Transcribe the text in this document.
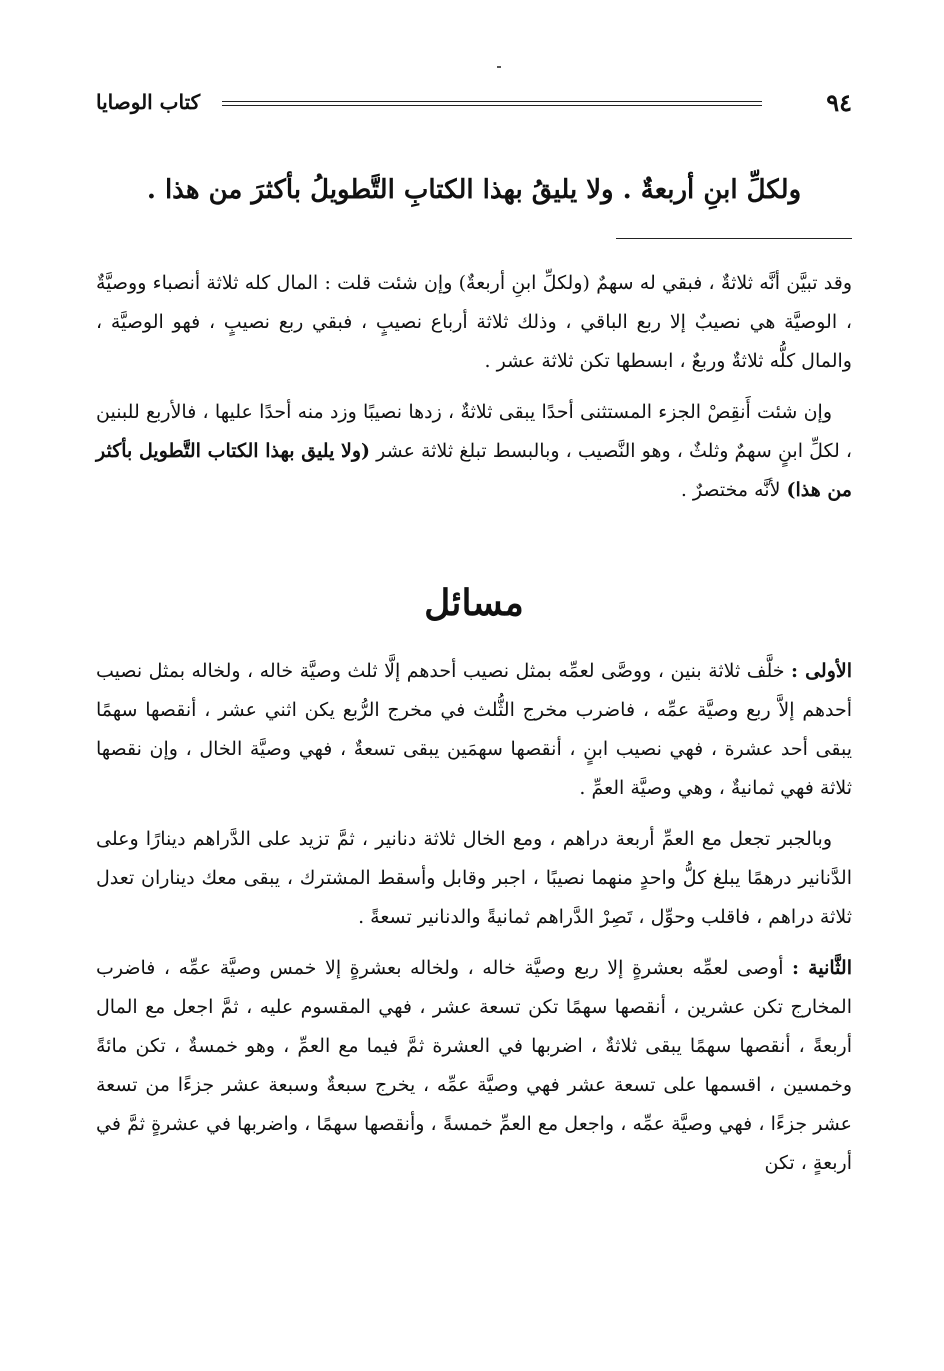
٩٤
كتاب الوصايا
ولكلِّ ابنِ أربعةٌ . ولا يليقُ بهذا الكتابِ التَّطويلُ بأكثرَ من هذا .

وقد تبيَّن أنَّه ثلاثةٌ ، فبقي له سهمٌ (ولكلِّ ابنِ أربعةٌ) وإن شئت قلت : المال كله ثلاثة أنصباء ووصيَّةٌ ، الوصيَّة هي نصيبٌ إلا ربع الباقي ، وذلك ثلاثة أرباع نصيبٍ ، فبقي ربع نصيبٍ ، فهو الوصيَّة ، والمال كلُّه ثلاثةٌ وربعٌ ، ابسطها تكن ثلاثة عشر .

وإن شئت أَنقِصْ الجزء المستثنى أحدًا يبقى ثلاثةٌ ، زدها نصيبًا وزد منه أحدًا عليها ، فالأربع للبنين ، لكلِّ ابنٍ سهمٌ وثلثٌ ، وهو النَّصيب ، وبالبسط تبلغ ثلاثة عشر (ولا يليق بهذا الكتاب التَّطويل بأكثر من هذا) لأنَّه مختصرٌ .

مسائل

الأولى : خلَّف ثلاثة بنين ، ووصَّى لعمِّه بمثل نصيب أحدهم إلَّا ثلث وصيَّة خاله ، ولخاله بمثل نصيب أحدهم إلاَّ ربع وصيَّة عمِّه ، فاضرب مخرج الثُّلث في مخرج الرُّبع يكن اثني عشر ، أنقصها سهمًا يبقى أحد عشرة ، فهي نصيب ابنٍ ، أنقصها سهمَين يبقى تسعةٌ ، فهي وصيَّة الخال ، وإن نقصها ثلاثة فهي ثمانيةٌ ، وهي وصيَّة العمِّ .

وبالجبر تجعل مع العمِّ أربعة دراهم ، ومع الخال ثلاثة دنانير ، ثمَّ تزيد على الدَّراهم دينارًا وعلى الدَّنانير درهمًا يبلغ كلُّ واحدٍ منهما نصيبًا ، اجبر وقابل وأسقط المشترك ، يبقى معك ديناران تعدل ثلاثة دراهم ، فاقلب وحوِّل ، تَصِرْ الدَّراهم ثمانيةً والدنانير تسعةً .

الثَّانية : أوصى لعمِّه بعشرةٍ إلا ربع وصيَّة خاله ، ولخاله بعشرةٍ إلا خمس وصيَّة عمِّه ، فاضرب المخارج تكن عشرين ، أنقصها سهمًا تكن تسعة عشر ، فهي المقسوم عليه ، ثمَّ اجعل مع المال أربعةً ، أنقصها سهمًا يبقى ثلاثةٌ ، اضربها في العشرة ثمَّ فيما مع العمِّ ، وهو خمسةٌ ، تكن مائةً وخمسين ، اقسمها على تسعة عشر فهي وصيَّة عمِّه ، يخرج سبعةٌ وسبعة عشر جزءًا من تسعة عشر جزءًا ، فهي وصيَّة عمِّه ، واجعل مع العمِّ خمسةً ، وأنقصها سهمًا ، واضربها في عشرةٍ ثمَّ في أربعةٍ ، تكن
